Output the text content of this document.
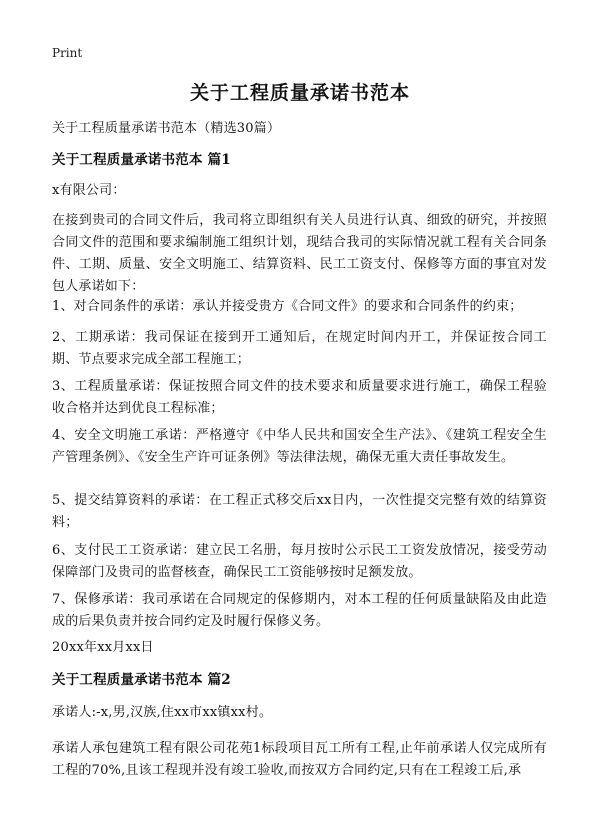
Print
关于工程质量承诺书范本
关于工程质量承诺书范本（精选30篇）
关于工程质量承诺书范本 篇1
x有限公司：
在接到贵司的合同文件后，我司将立即组织有关人员进行认真、细致的研究，并按照合同文件的范围和要求编制施工组织计划，现结合我司的实际情况就工程有关合同条件、工期、质量、安全文明施工、结算资料、民工工资支付、保修等方面的事宜对发包人承诺如下：
1、对合同条件的承诺：承认并接受贵方《合同文件》的要求和合同条件的约束；
2、工期承诺：我司保证在接到开工通知后，在规定时间内开工，并保证按合同工期、节点要求完成全部工程施工；
3、工程质量承诺：保证按照合同文件的技术要求和质量要求进行施工，确保工程验收合格并达到优良工程标准；
4、安全文明施工承诺：严格遵守《中华人民共和国安全生产法》、《建筑工程安全生产管理条例》、《安全生产许可证条例》等法律法规，确保无重大责任事故发生。
5、提交结算资料的承诺：在工程正式移交后xx日内，一次性提交完整有效的结算资料；
6、支付民工工资承诺：建立民工名册，每月按时公示民工工资发放情况，接受劳动保障部门及贵司的监督核查，确保民工工资能够按时足额发放。
7、保修承诺：我司承诺在合同规定的保修期内，对本工程的任何质量缺陷及由此造成的后果负责并按合同约定及时履行保修义务。
20xx年xx月xx日
关于工程质量承诺书范本 篇2
承诺人:-x,男,汉族,住xx市xx镇xx村。
承诺人承包建筑工程有限公司花苑1标段项目瓦工所有工程,止年前承诺人仅完成所有工程的70%,且该工程现并没有竣工验收,而按双方合同约定,只有在工程竣工后,承
